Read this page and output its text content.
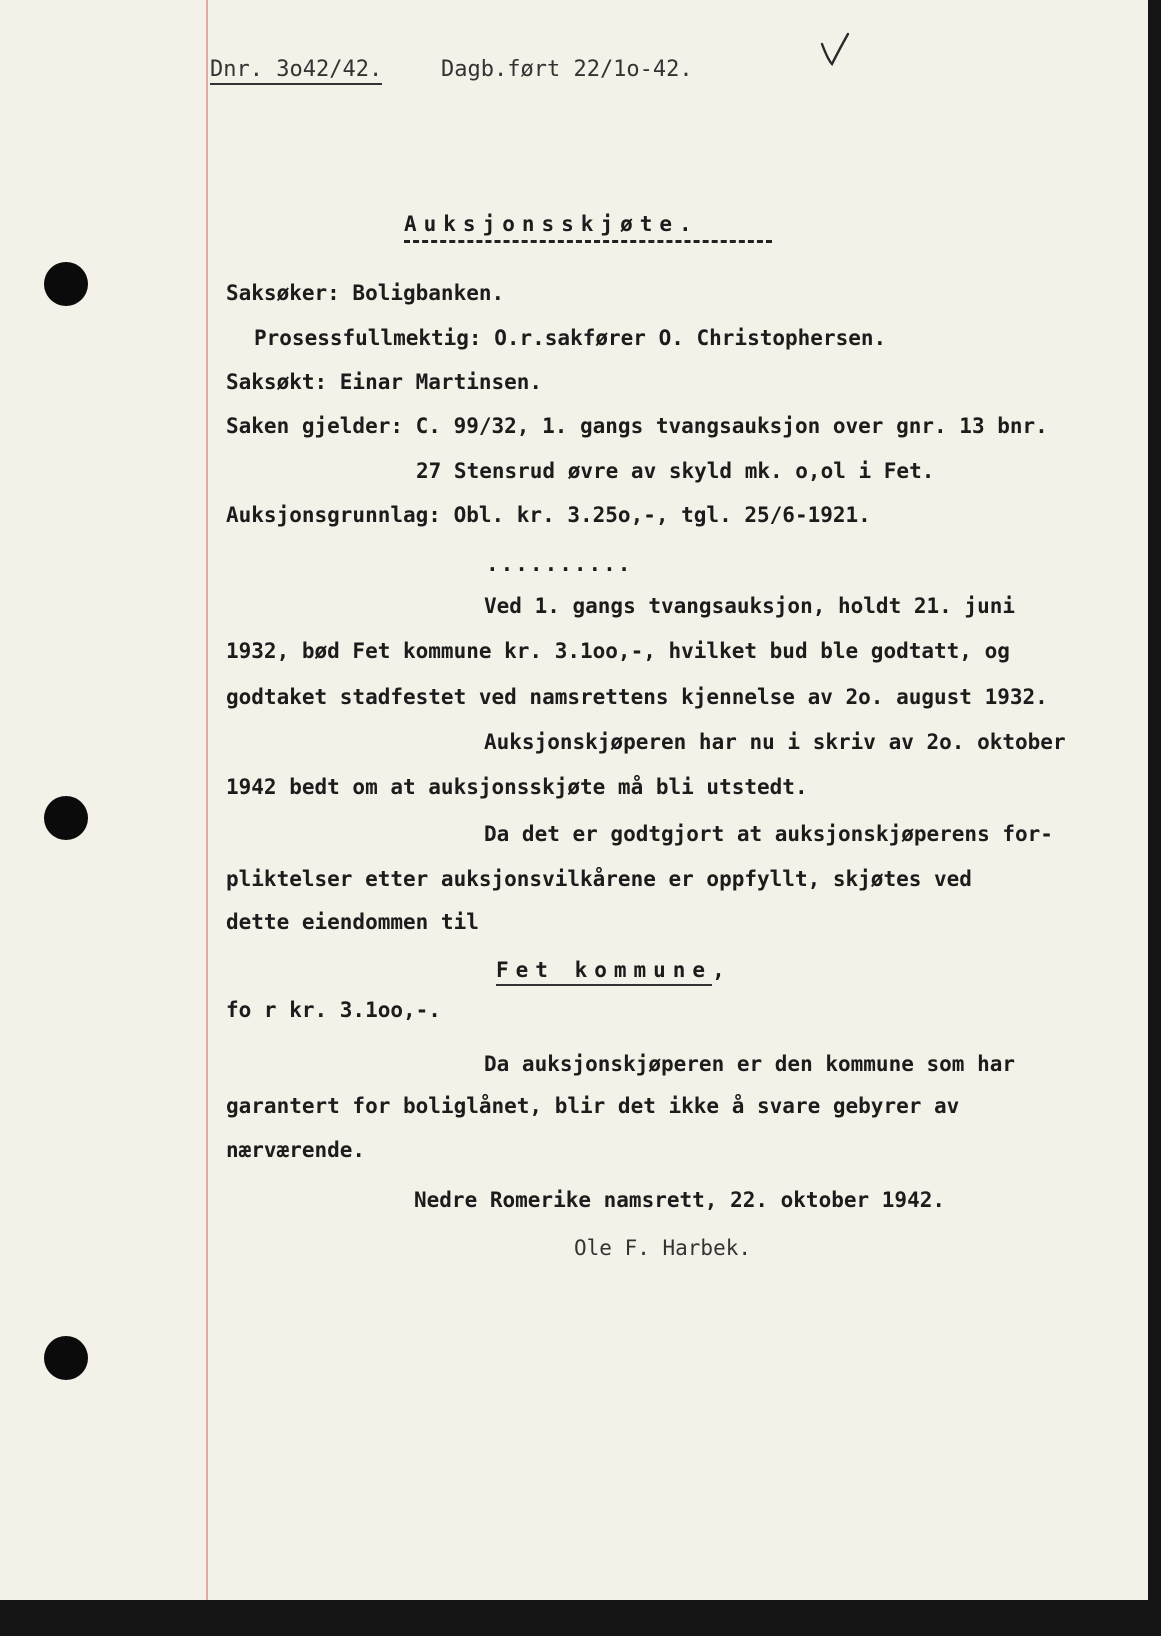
Dnr. 3o42/42.	Dagb.ført 22/1o-42.
Auksjonsskjøte.
Saksøker: Boligbanken.
Prosessfullmektig: O.r.sakfører O. Christophersen.
Saksøkt: Einar Martinsen.
Saken gjelder: C. 99/32, 1. gangs tvangsauksjon over gnr. 13 bnr.
27 Stensrud øvre av skyld mk. o,ol i Fet.
Auksjonsgrunnlag: Obl. kr. 3.25o,-, tgl. 25/6-1921.
..........
Ved 1. gangs tvangsauksjon, holdt 21. juni
1932, bød Fet kommune kr. 3.1oo,-, hvilket bud ble godtatt, og
godtaket stadfestet ved namsrettens kjennelse av 2o. august 1932.
Auksjonskjøperen har nu i skriv av 2o. oktober
1942 bedt om at auksjonsskjøte må bli utstedt.
Da det er godtgjort at auksjonskjøperens for-
pliktelser etter auksjonsvilkårene er oppfyllt, skjøtes ved
dette eiendommen til
Fet kommune,
fo r kr. 3.1oo,-.
Da auksjonskjøperen er den kommune som har
garantert for boliglånet, blir det ikke å svare gebyrer av
nærværende.
Nedre Romerike namsrett, 22. oktober 1942.
Ole F. Harbek.
